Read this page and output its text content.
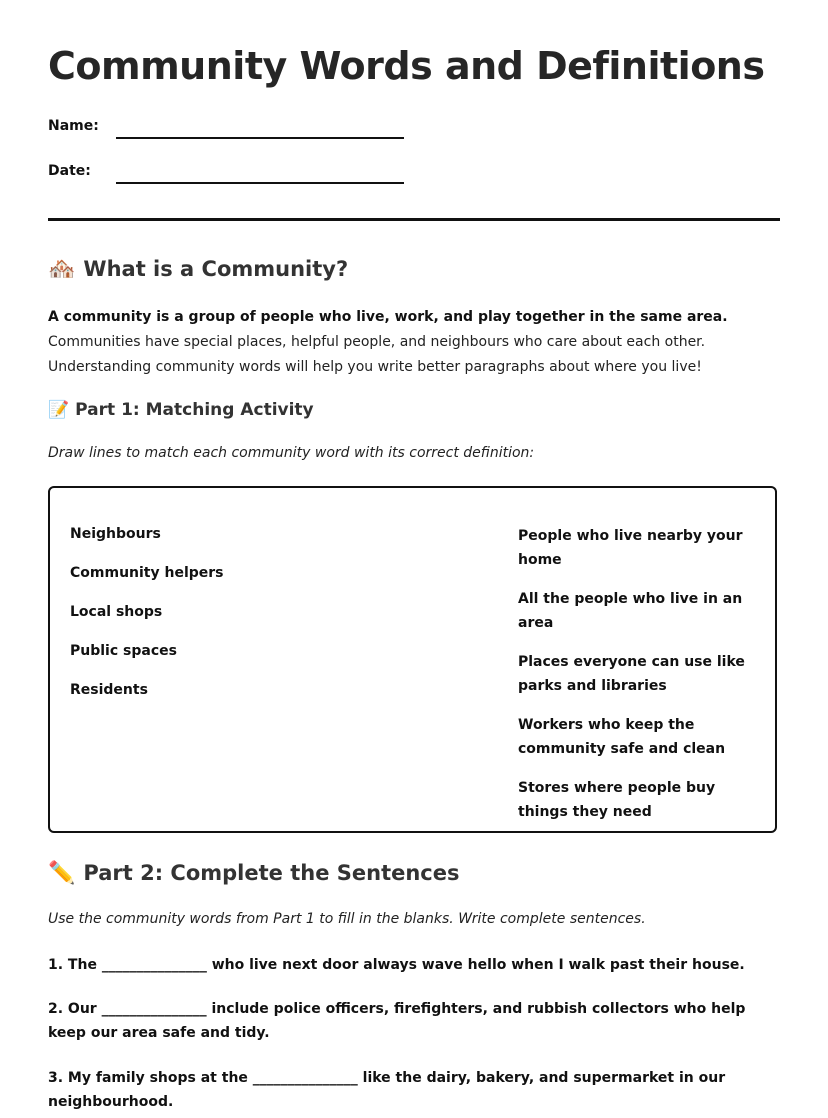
Community Words and Definitions
Name:
Date:
🏘️ What is a Community?

A community is a group of people who live, work, and play together in the same area. Communities have special places, helpful people, and neighbours who care about each other. Understanding community words will help you write better paragraphs about where you live!

📝 Part 1: Matching Activity

Draw lines to match each community word with its correct definition:

Neighbours
Community helpers
Local shops
Public spaces
Residents
People who live nearby your home
All the people who live in an area
Places everyone can use like parks and libraries
Workers who keep the community safe and clean
Stores where people buy things they need
✏️ Part 2: Complete the Sentences

Use the community words from Part 1 to fill in the blanks. Write complete sentences.

1. The _______________ who live next door always wave hello when I walk past their house.

2. Our _______________ include police officers, firefighters, and rubbish collectors who help keep our area safe and tidy.

3. My family shops at the _______________ like the dairy, bakery, and supermarket in our neighbourhood.
